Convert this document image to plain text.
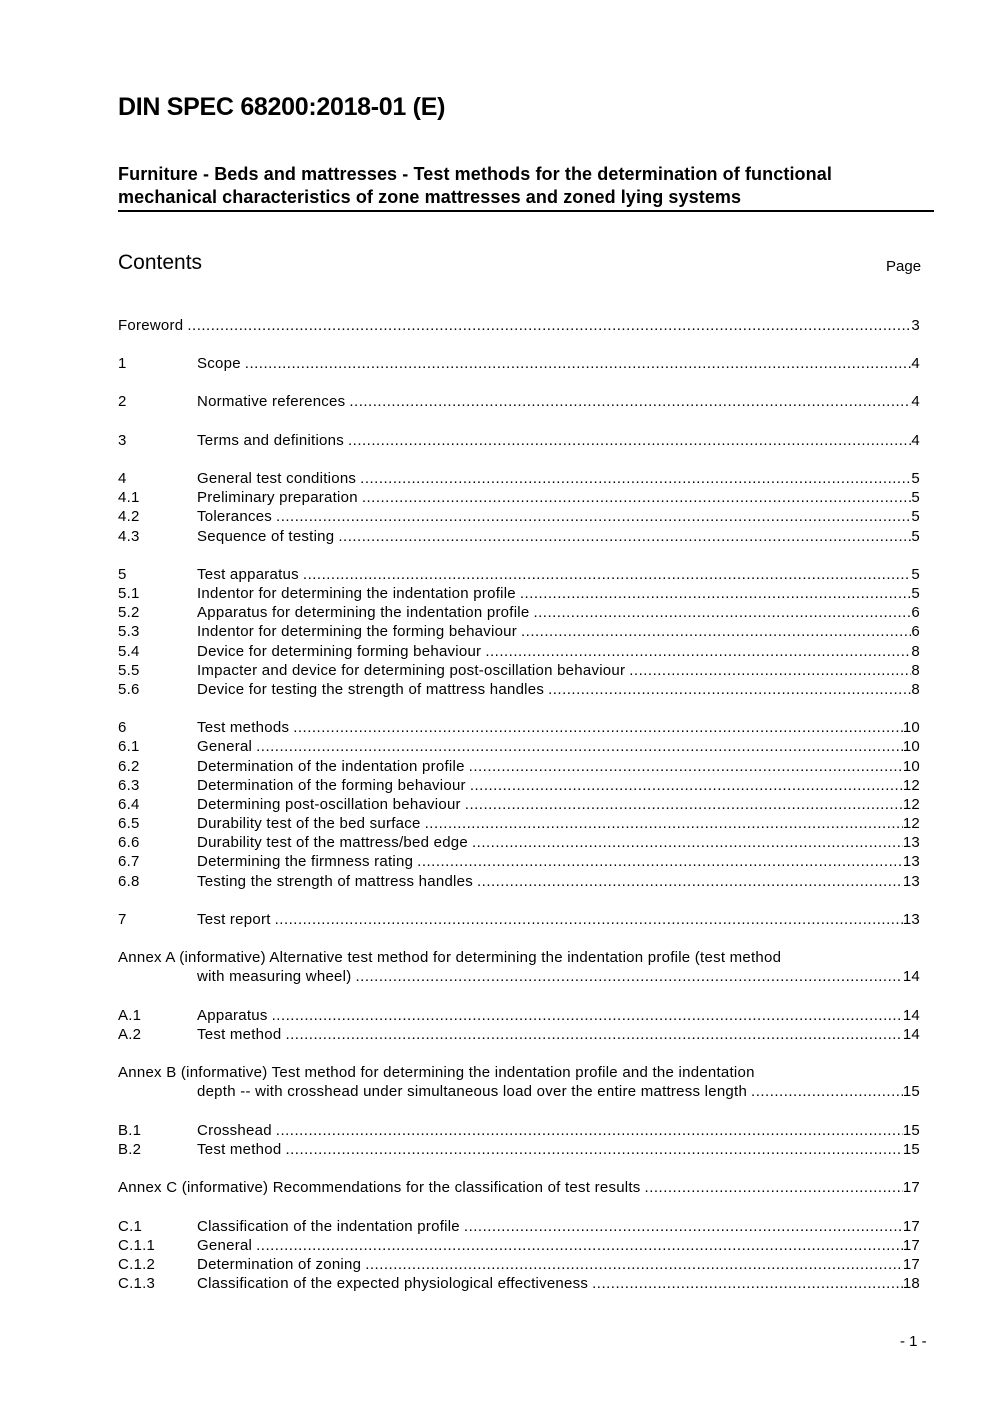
DIN SPEC 68200:2018-01 (E)
Furniture - Beds and mattresses - Test methods for the determination of functional
mechanical characteristics of zone mattresses and zoned lying systems
Contents	Page
Foreword .....	3
1	Scope .....	4
2	Normative references .....	4
3	Terms and definitions .....	4
4	General test conditions .....	5
4.1	Preliminary preparation .....	5
4.2	Tolerances .....	5
4.3	Sequence of testing .....	5
5	Test apparatus .....	5
5.1	Indentor for determining the indentation profile .....	5
5.2	Apparatus for determining the indentation profile .....	6
5.3	Indentor for determining the forming behaviour .....	6
5.4	Device for determining forming behaviour .....	8
5.5	Impacter and device for determining post-oscillation behaviour .....	8
5.6	Device for testing the strength of mattress handles .....	8
6	Test methods .....	10
6.1	General .....	10
6.2	Determination of the indentation profile .....	10
6.3	Determination of the forming behaviour .....	12
6.4	Determining post-oscillation behaviour .....	12
6.5	Durability test of the bed surface .....	12
6.6	Durability test of the mattress/bed edge .....	13
6.7	Determining the firmness rating .....	13
6.8	Testing the strength of mattress handles .....	13
7	Test report .....	13
Annex A (informative) Alternative test method for determining the indentation profile (test method
with measuring wheel) .....	14
A.1	Apparatus .....	14
A.2	Test method .....	14
Annex B (informative) Test method for determining the indentation profile and the indentation
depth -- with crosshead under simultaneous load over the entire mattress length .....	15
B.1	Crosshead .....	15
B.2	Test method .....	15
Annex C (informative) Recommendations for the classification of test results .....	17
C.1	Classification of the indentation profile .....	17
C.1.1	General .....	17
C.1.2	Determination of zoning .....	17
C.1.3	Classification of the expected physiological effectiveness .....	18
- 1 -
